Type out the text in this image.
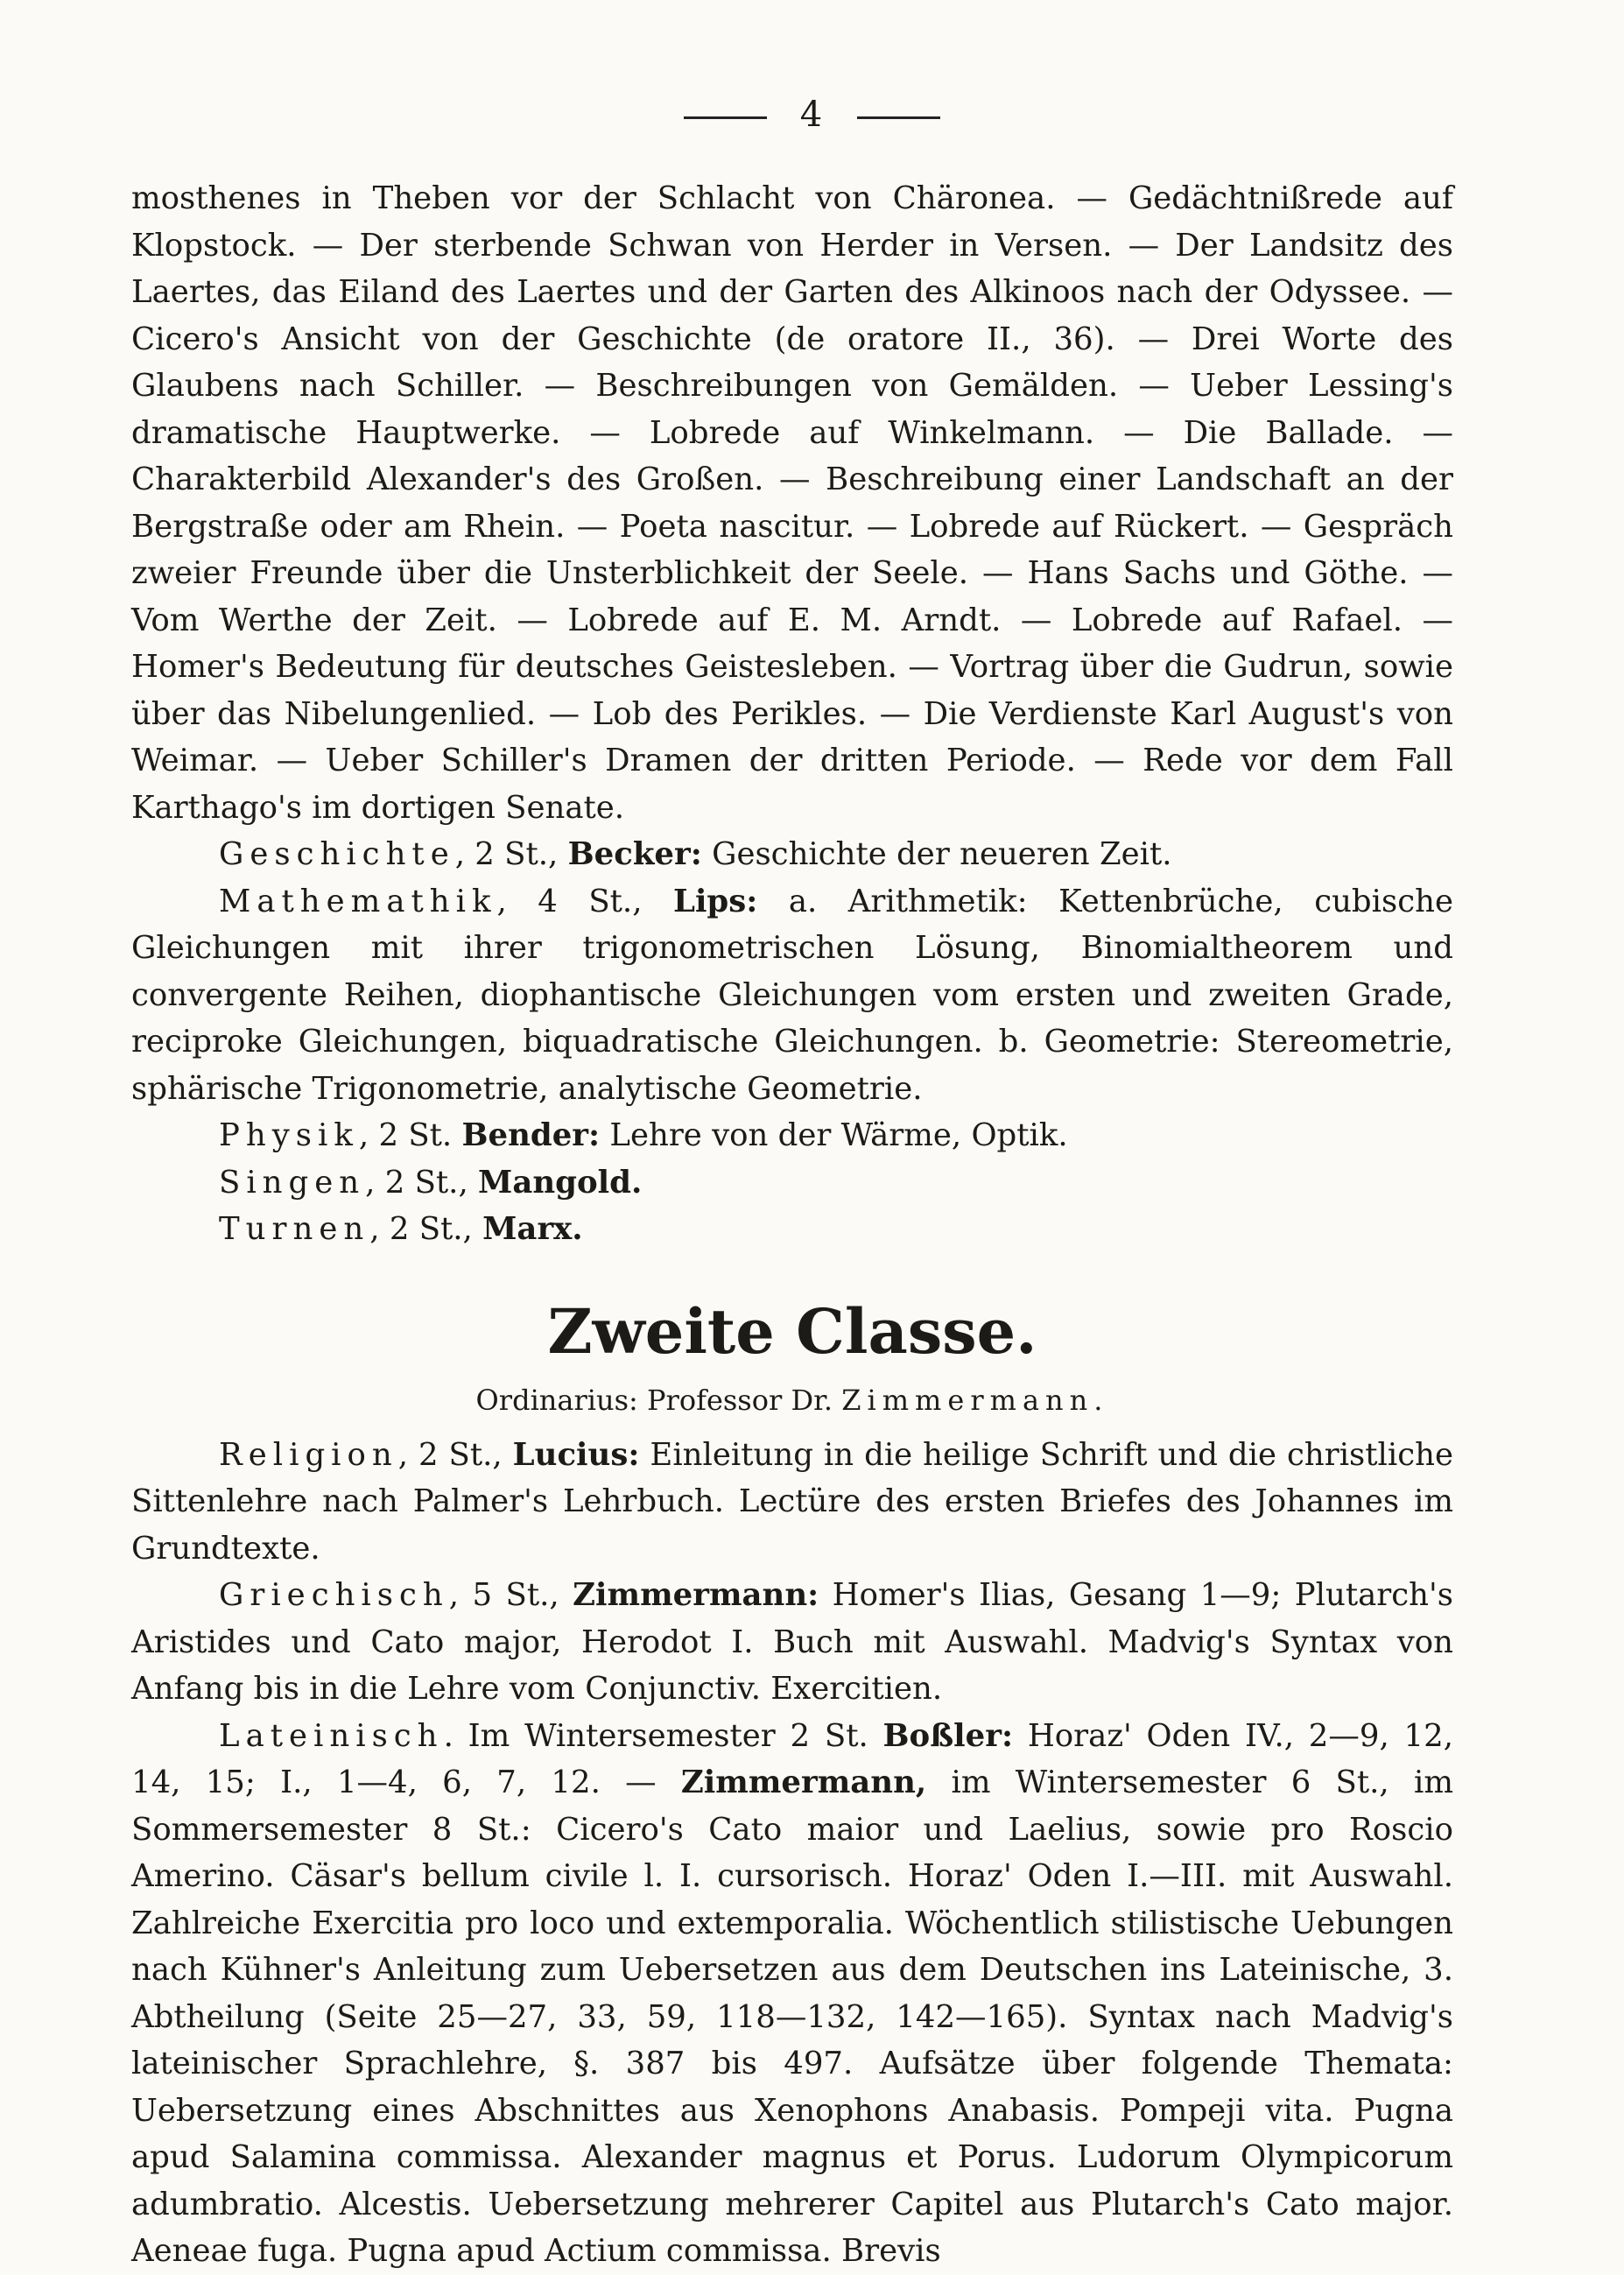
4

mosthenes in Theben vor der Schlacht von Chäronea. — Gedächtnißrede auf Klopstock. — Der sterbende Schwan von Herder in Versen. — Der Landsitz des Laertes, das Eiland des Laertes und der Garten des Alkinoos nach der Odyssee. — Cicero's Ansicht von der Geschichte (de oratore II., 36). — Drei Worte des Glaubens nach Schiller. — Beschreibungen von Gemälden. — Ueber Lessing's dramatische Hauptwerke. — Lobrede auf Winkelmann. — Die Ballade. — Charakterbild Alexander's des Großen. — Beschreibung einer Landschaft an der Bergstraße oder am Rhein. — Poeta nascitur. — Lobrede auf Rückert. — Gespräch zweier Freunde über die Unsterblichkeit der Seele. — Hans Sachs und Göthe. — Vom Werthe der Zeit. — Lobrede auf E. M. Arndt. — Lobrede auf Rafael. — Homer's Bedeutung für deutsches Geistesleben. — Vortrag über die Gudrun, sowie über das Nibelungenlied. — Lob des Perikles. — Die Verdienste Karl August's von Weimar. — Ueber Schiller's Dramen der dritten Periode. — Rede vor dem Fall Karthago's im dortigen Senate.

Geschichte, 2 St., Becker: Geschichte der neueren Zeit.

Mathemathik, 4 St., Lips: a. Arithmetik: Kettenbrüche, cubische Gleichungen mit ihrer trigonometrischen Lösung, Binomialtheorem und convergente Reihen, diophantische Gleichungen vom ersten und zweiten Grade, reciproke Gleichungen, biquadratische Gleichungen. b. Geometrie: Stereometrie, sphärische Trigonometrie, analytische Geometrie.

Physik, 2 St. Bender: Lehre von der Wärme, Optik.

Singen, 2 St., Mangold.

Turnen, 2 St., Marx.

Zweite Classe.
Ordinarius: Professor Dr. Zimmermann.

Religion, 2 St., Lucius: Einleitung in die heilige Schrift und die christliche Sittenlehre nach Palmer's Lehrbuch. Lectüre des ersten Briefes des Johannes im Grundtexte.

Griechisch, 5 St., Zimmermann: Homer's Ilias, Gesang 1—9; Plutarch's Aristides und Cato major, Herodot I. Buch mit Auswahl. Madvig's Syntax von Anfang bis in die Lehre vom Conjunctiv. Exercitien.

Lateinisch. Im Wintersemester 2 St. Boßler: Horaz' Oden IV., 2—9, 12, 14, 15; I., 1—4, 6, 7, 12. — Zimmermann, im Wintersemester 6 St., im Sommersemester 8 St.: Cicero's Cato maior und Laelius, sowie pro Roscio Amerino. Cäsar's bellum civile l. I. cursorisch. Horaz' Oden I.—III. mit Auswahl. Zahlreiche Exercitia pro loco und extemporalia. Wöchentlich stilistische Uebungen nach Kühner's Anleitung zum Uebersetzen aus dem Deutschen ins Lateinische, 3. Abtheilung (Seite 25—27, 33, 59, 118—132, 142—165). Syntax nach Madvig's lateinischer Sprachlehre, §. 387 bis 497. Aufsätze über folgende Themata: Uebersetzung eines Abschnittes aus Xenophons Anabasis. Pompeji vita. Pugna apud Salamina commissa. Alexander magnus et Porus. Ludorum Olympicorum adumbratio. Alcestis. Uebersetzung mehrerer Capitel aus Plutarch's Cato major. Aeneae fuga. Pugna apud Actium commissa. Brevis
